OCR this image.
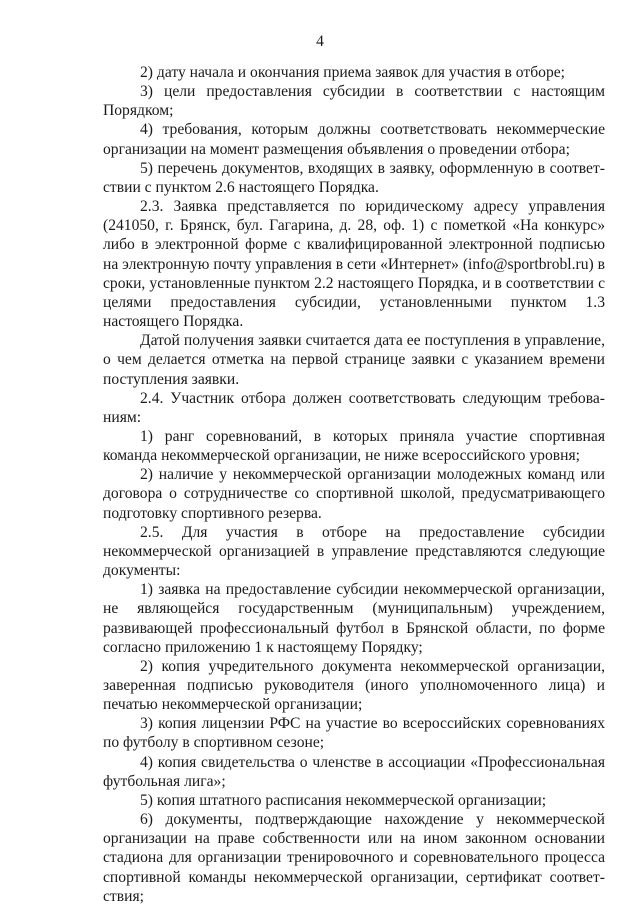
4

2) дату начала и окончания приема заявок для участия в отборе;

3) цели предоставления субсидии в соответствии с настоящим Порядком;

4) требования, которым должны соответствовать некоммерческие организации на момент размещения объявления о проведении отбора;

5) перечень документов, входящих в заявку, оформленную в соответствии с пунктом 2.6 настоящего Порядка.

2.3. Заявка представляется по юридическому адресу управления (241050, г. Брянск, бул. Гагарина, д. 28, оф. 1) с пометкой «На конкурс» либо в электронной форме с квалифицированной электронной подписью на электронную почту управления в сети «Интернет» (info@sportbrobl.ru) в сроки, установленные пунктом 2.2 настоящего Порядка, и в соответствии с целями предоставления субсидии, установленными пунктом 1.3 настоящего Порядка.

Датой получения заявки считается дата ее поступления в управление, о чем делается отметка на первой странице заявки с указанием времени поступления заявки.

2.4. Участник отбора должен соответствовать следующим требованиям:

1) ранг соревнований, в которых приняла участие спортивная команда некоммерческой организации, не ниже всероссийского уровня;

2) наличие у некоммерческой организации молодежных команд или договора о сотрудничестве со спортивной школой, предусматривающего подготовку спортивного резерва.

2.5. Для участия в отборе на предоставление субсидии некоммерческой организацией в управление представляются следующие документы:

1) заявка на предоставление субсидии некоммерческой организации, не являющейся государственным (муниципальным) учреждением, развивающей профессиональный футбол в Брянской области, по форме согласно приложению 1 к настоящему Порядку;

2) копия учредительного документа некоммерческой организации, заверенная подписью руководителя (иного уполномоченного лица) и печатью некоммерческой организации;

3) копия лицензии РФС на участие во всероссийских соревнованиях по футболу в спортивном сезоне;

4) копия свидетельства о членстве в ассоциации «Профессиональная футбольная лига»;

5) копия штатного расписания некоммерческой организации;

6) документы, подтверждающие нахождение у некоммерческой организации на праве собственности или на ином законном основании стадиона для организации тренировочного и соревновательного процесса спортивной команды некоммерческой организации, сертификат соответствия;
